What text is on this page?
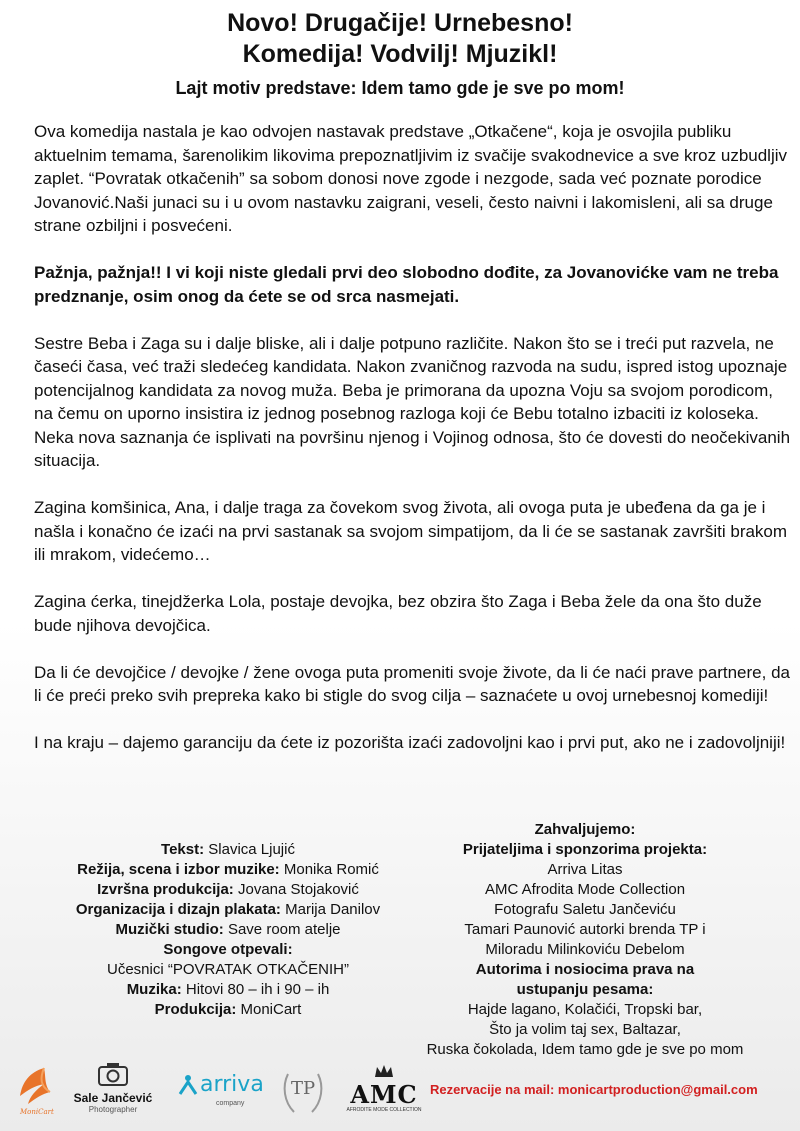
Novo! Drugačije! Urnebesno!
Komedija! Vodvilj! Mjuzikl!
Lajt motiv predstave: Idem tamo gde je sve po mom!

Ova komedija nastala je kao odvojen nastavak predstave „Otkačene“, koja je osvojila publiku aktuelnim temama, šarenolikim likovima prepoznatljivim iz svačije svakodnevice a sve kroz uzbudljiv zaplet. “Povratak otkačenih” sa sobom donosi nove zgode i nezgode, sada već poznate porodice Jovanović.Naši junaci su i u ovom nastavku zaigrani, veseli, često naivni i lakomisleni, ali sa druge strane ozbiljni i posvećeni.

Pažnja, pažnja!! I vi koji niste gledali prvi deo slobodno dođite, za Jovanovićke vam ne treba predznanje, osim onog da ćete se od srca nasmejati.

Sestre Beba i Zaga su i dalje bliske, ali i dalje potpuno različite. Nakon što se i treći put razvela, ne časeći časa, već traži sledećeg kandidata. Nakon zvaničnog razvoda na sudu, ispred istog upoznaje potencijalnog kandidata za novog muža. Beba je primorana da upozna Voju sa svojom porodicom, na čemu on uporno insistira iz jednog posebnog razloga koji će Bebu totalno izbaciti iz koloseka. Neka nova saznanja će isplivati na površinu njenog i Vojinog odnosa, što će dovesti do neočekivanih situacija.

Zagina komšinica, Ana, i dalje traga za čovekom svog života, ali ovoga puta je ubeđena da ga je i našla i konačno će izaći na prvi sastanak sa svojom simpatijom, da li će se sastanak završiti brakom ili mrakom, videćemo…

Zagina ćerka, tinejdžerka Lola, postaje devojka, bez obzira što Zaga i Beba žele da ona što duže bude njihova devojčica.

Da li će devojčice / devojke / žene ovoga puta promeniti svoje živote, da li će naći prave partnere, da li će preći preko svih prepreka kako bi stigle do svog cilja – saznaćete u ovoj urnebesnoj komediji!

I na kraju – dajemo garanciju da ćete iz pozorišta izaći zadovoljni kao i prvi put, ako ne i zadovoljniji!

Tekst: Slavica Ljujić
Režija, scena i izbor muzike: Monika Romić
Izvršna produkcija: Jovana Stojaković
Organizacija i dizajn plakata: Marija Danilov
Muzički studio: Save room atelje
Songove otpevali:
Učesnici “POVRATAK OTKAČENIH”
Muzika: Hitovi 80 – ih i 90 – ih
Produkcija: MoniCart
Zahvaljujemo:
Prijateljima i sponzorima projekta:
Arriva Litas
AMC Afrodita Mode Collection
Fotografu Saletu Jančeviću
Tamari Paunović autorki brenda TP i
Miloradu Milinkoviću Debelom
Autorima i nosiocima prava na
ustupanju pesama:
Hajde lagano, Kolačići, Tropski bar,
Što ja volim taj sex, Baltazar,
Ruska čokolada, Idem tamo gde je sve po mom
MoniCart
Sale Jančević
Photographer
arriva
company
TP AMC
AFRODITE MODE COLLECTION
Rezervacije na mail: monicartproduction@gmail.com
